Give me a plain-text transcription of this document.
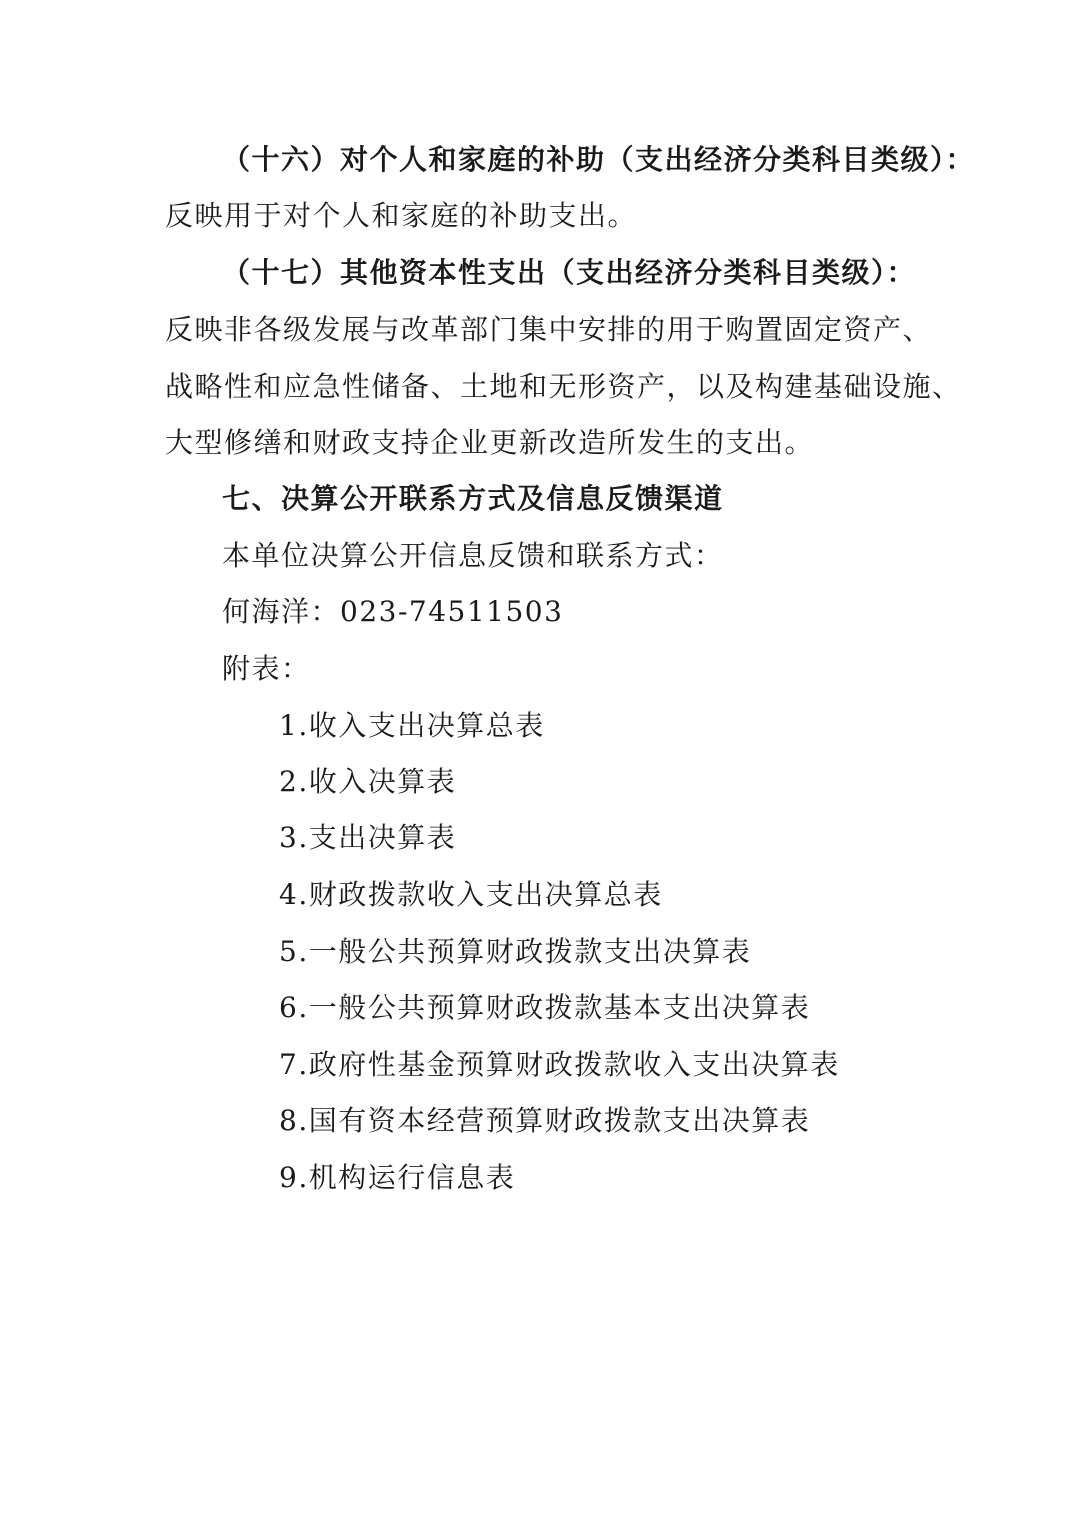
（十六）对个人和家庭的补助（支出经济分类科目类级）：
反映用于对个人和家庭的补助支出。
（十七）其他资本性支出（支出经济分类科目类级）：
反映非各级发展与改革部门集中安排的用于购置固定资产、
战略性和应急性储备、土地和无形资产，以及构建基础设施、
大型修缮和财政支持企业更新改造所发生的支出。
七、决算公开联系方式及信息反馈渠道
本单位决算公开信息反馈和联系方式：
何海洋：023-74511503
附表：
1.收入支出决算总表
2.收入决算表
3.支出决算表
4.财政拨款收入支出决算总表
5.一般公共预算财政拨款支出决算表
6.一般公共预算财政拨款基本支出决算表
7.政府性基金预算财政拨款收入支出决算表
8.国有资本经营预算财政拨款支出决算表
9.机构运行信息表
